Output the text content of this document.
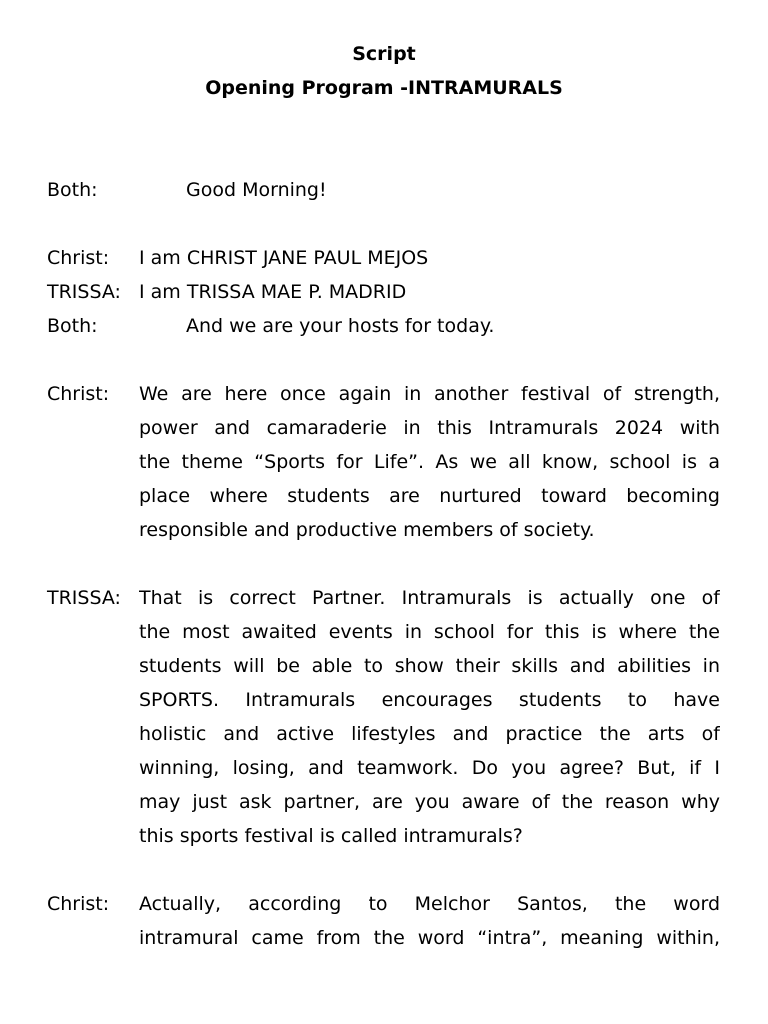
Script
Opening Program -INTRAMURALS
Both:	Good Morning!
Christ: I am CHRIST JANE PAUL MEJOS
TRISSA: I am TRISSA MAE P. MADRID
Both:	And we are your hosts for today.
Christ: We are here once again in another festival of strength,
power and camaraderie in this Intramurals 2024 with
the theme “Sports for Life”. As we all know, school is a
place where students are nurtured toward becoming
responsible and productive members of society.
TRISSA: That is correct Partner. Intramurals is actually one of
the most awaited events in school for this is where the
students will be able to show their skills and abilities in
SPORTS. Intramurals encourages students to have
holistic and active lifestyles and practice the arts of
winning, losing, and teamwork. Do you agree? But, if I
may just ask partner, are you aware of the reason why
this sports festival is called intramurals?
Christ: Actually, according to Melchor Santos, the word
intramural came from the word “intra”, meaning within,
